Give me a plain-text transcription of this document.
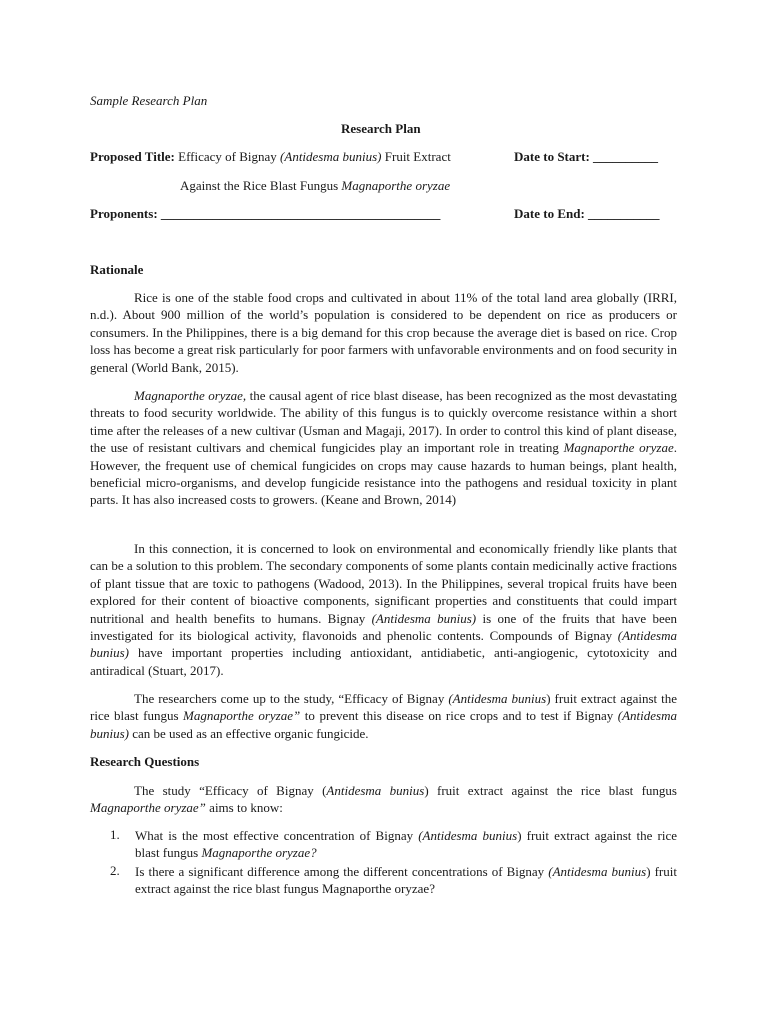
Sample Research Plan
Research Plan
Proposed Title: Efficacy of Bignay (Antidesma bunius) Fruit Extract	Date to Start: __________
Against the Rice Blast Fungus Magnaporthe oryzae
Proponents: ___________________________________________	Date to End: ___________
Rationale

Rice is one of the stable food crops and cultivated in about 11% of the total land area globally (IRRI, n.d.). About 900 million of the world’s population is considered to be dependent on rice as producers or consumers. In the Philippines, there is a big demand for this crop because the average diet is based on rice. Crop loss has become a great risk particularly for poor farmers with unfavorable environments and on food security in general (World Bank, 2015).

Magnaporthe oryzae, the causal agent of rice blast disease, has been recognized as the most devastating threats to food security worldwide. The ability of this fungus is to quickly overcome resistance within a short time after the releases of a new cultivar (Usman and Magaji, 2017). In order to control this kind of plant disease, the use of resistant cultivars and chemical fungicides play an important role in treating Magnaporthe oryzae. However, the frequent use of chemical fungicides on crops may cause hazards to human beings, plant health, beneficial micro-organisms, and develop fungicide resistance into the pathogens and residual toxicity in plant parts. It has also increased costs to growers. (Keane and Brown, 2014)

In this connection, it is concerned to look on environmental and economically friendly like plants that can be a solution to this problem. The secondary components of some plants contain medicinally active fractions of plant tissue that are toxic to pathogens (Wadood, 2013). In the Philippines, several tropical fruits have been explored for their content of bioactive components, significant properties and constituents that could impart nutritional and health benefits to humans. Bignay (Antidesma bunius) is one of the fruits that have been investigated for its biological activity, flavonoids and phenolic contents. Compounds of Bignay (Antidesma bunius) have important properties including antioxidant, antidiabetic, anti-angiogenic, cytotoxicity and antiradical (Stuart, 2017).

The researchers come up to the study, “Efficacy of Bignay (Antidesma bunius) fruit extract against the rice blast fungus Magnaporthe oryzae” to prevent this disease on rice crops and to test if Bignay (Antidesma bunius) can be used as an effective organic fungicide.

Research Questions

The study “Efficacy of Bignay (Antidesma bunius) fruit extract against the rice blast fungus Magnaporthe oryzae” aims to know:

1. What is the most effective concentration of Bignay (Antidesma bunius) fruit extract against the rice blast fungus Magnaporthe oryzae?
2. Is there a significant difference among the different concentrations of Bignay (Antidesma bunius) fruit extract against the rice blast fungus Magnaporthe oryzae?
